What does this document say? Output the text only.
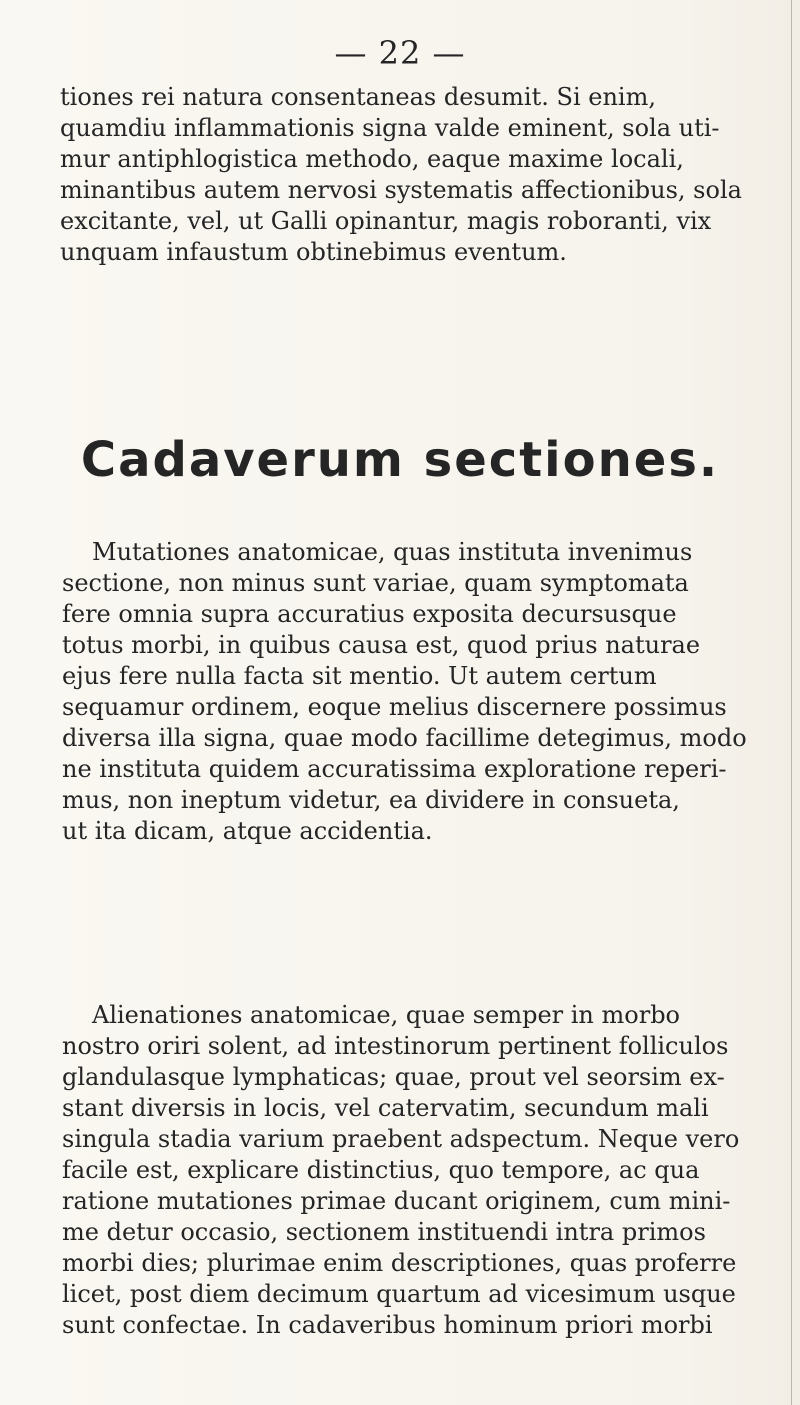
— 22 —
tiones rei natura consentaneas desumit. Si enim,
quamdiu inflammationis signa valde eminent, sola uti-
mur antiphlogistica methodo, eaque maxime locali,
minantibus autem nervosi systematis affectionibus, sola
excitante, vel, ut Galli opinantur, magis roboranti, vix
unquam infaustum obtinebimus eventum.
Cadaverum sectiones.
Mutationes anatomicae, quas instituta invenimus
sectione, non minus sunt variae, quam symptomata
fere omnia supra accuratius exposita decursusque
totus morbi, in quibus causa est, quod prius naturae
ejus fere nulla facta sit mentio. Ut autem certum
sequamur ordinem, eoque melius discernere possimus
diversa illa signa, quae modo facillime detegimus, modo
ne instituta quidem accuratissima exploratione reperi-
mus, non ineptum videtur, ea dividere in consueta,
ut ita dicam, atque accidentia.
Alienationes anatomicae, quae semper in morbo
nostro oriri solent, ad intestinorum pertinent folliculos
glandulasque lymphaticas; quae, prout vel seorsim ex-
stant diversis in locis, vel catervatim, secundum mali
singula stadia varium praebent adspectum. Neque vero
facile est, explicare distinctius, quo tempore, ac qua
ratione mutationes primae ducant originem, cum mini-
me detur occasio, sectionem instituendi intra primos
morbi dies; plurimae enim descriptiones, quas proferre
licet, post diem decimum quartum ad vicesimum usque
sunt confectae. In cadaveribus hominum priori morbi
